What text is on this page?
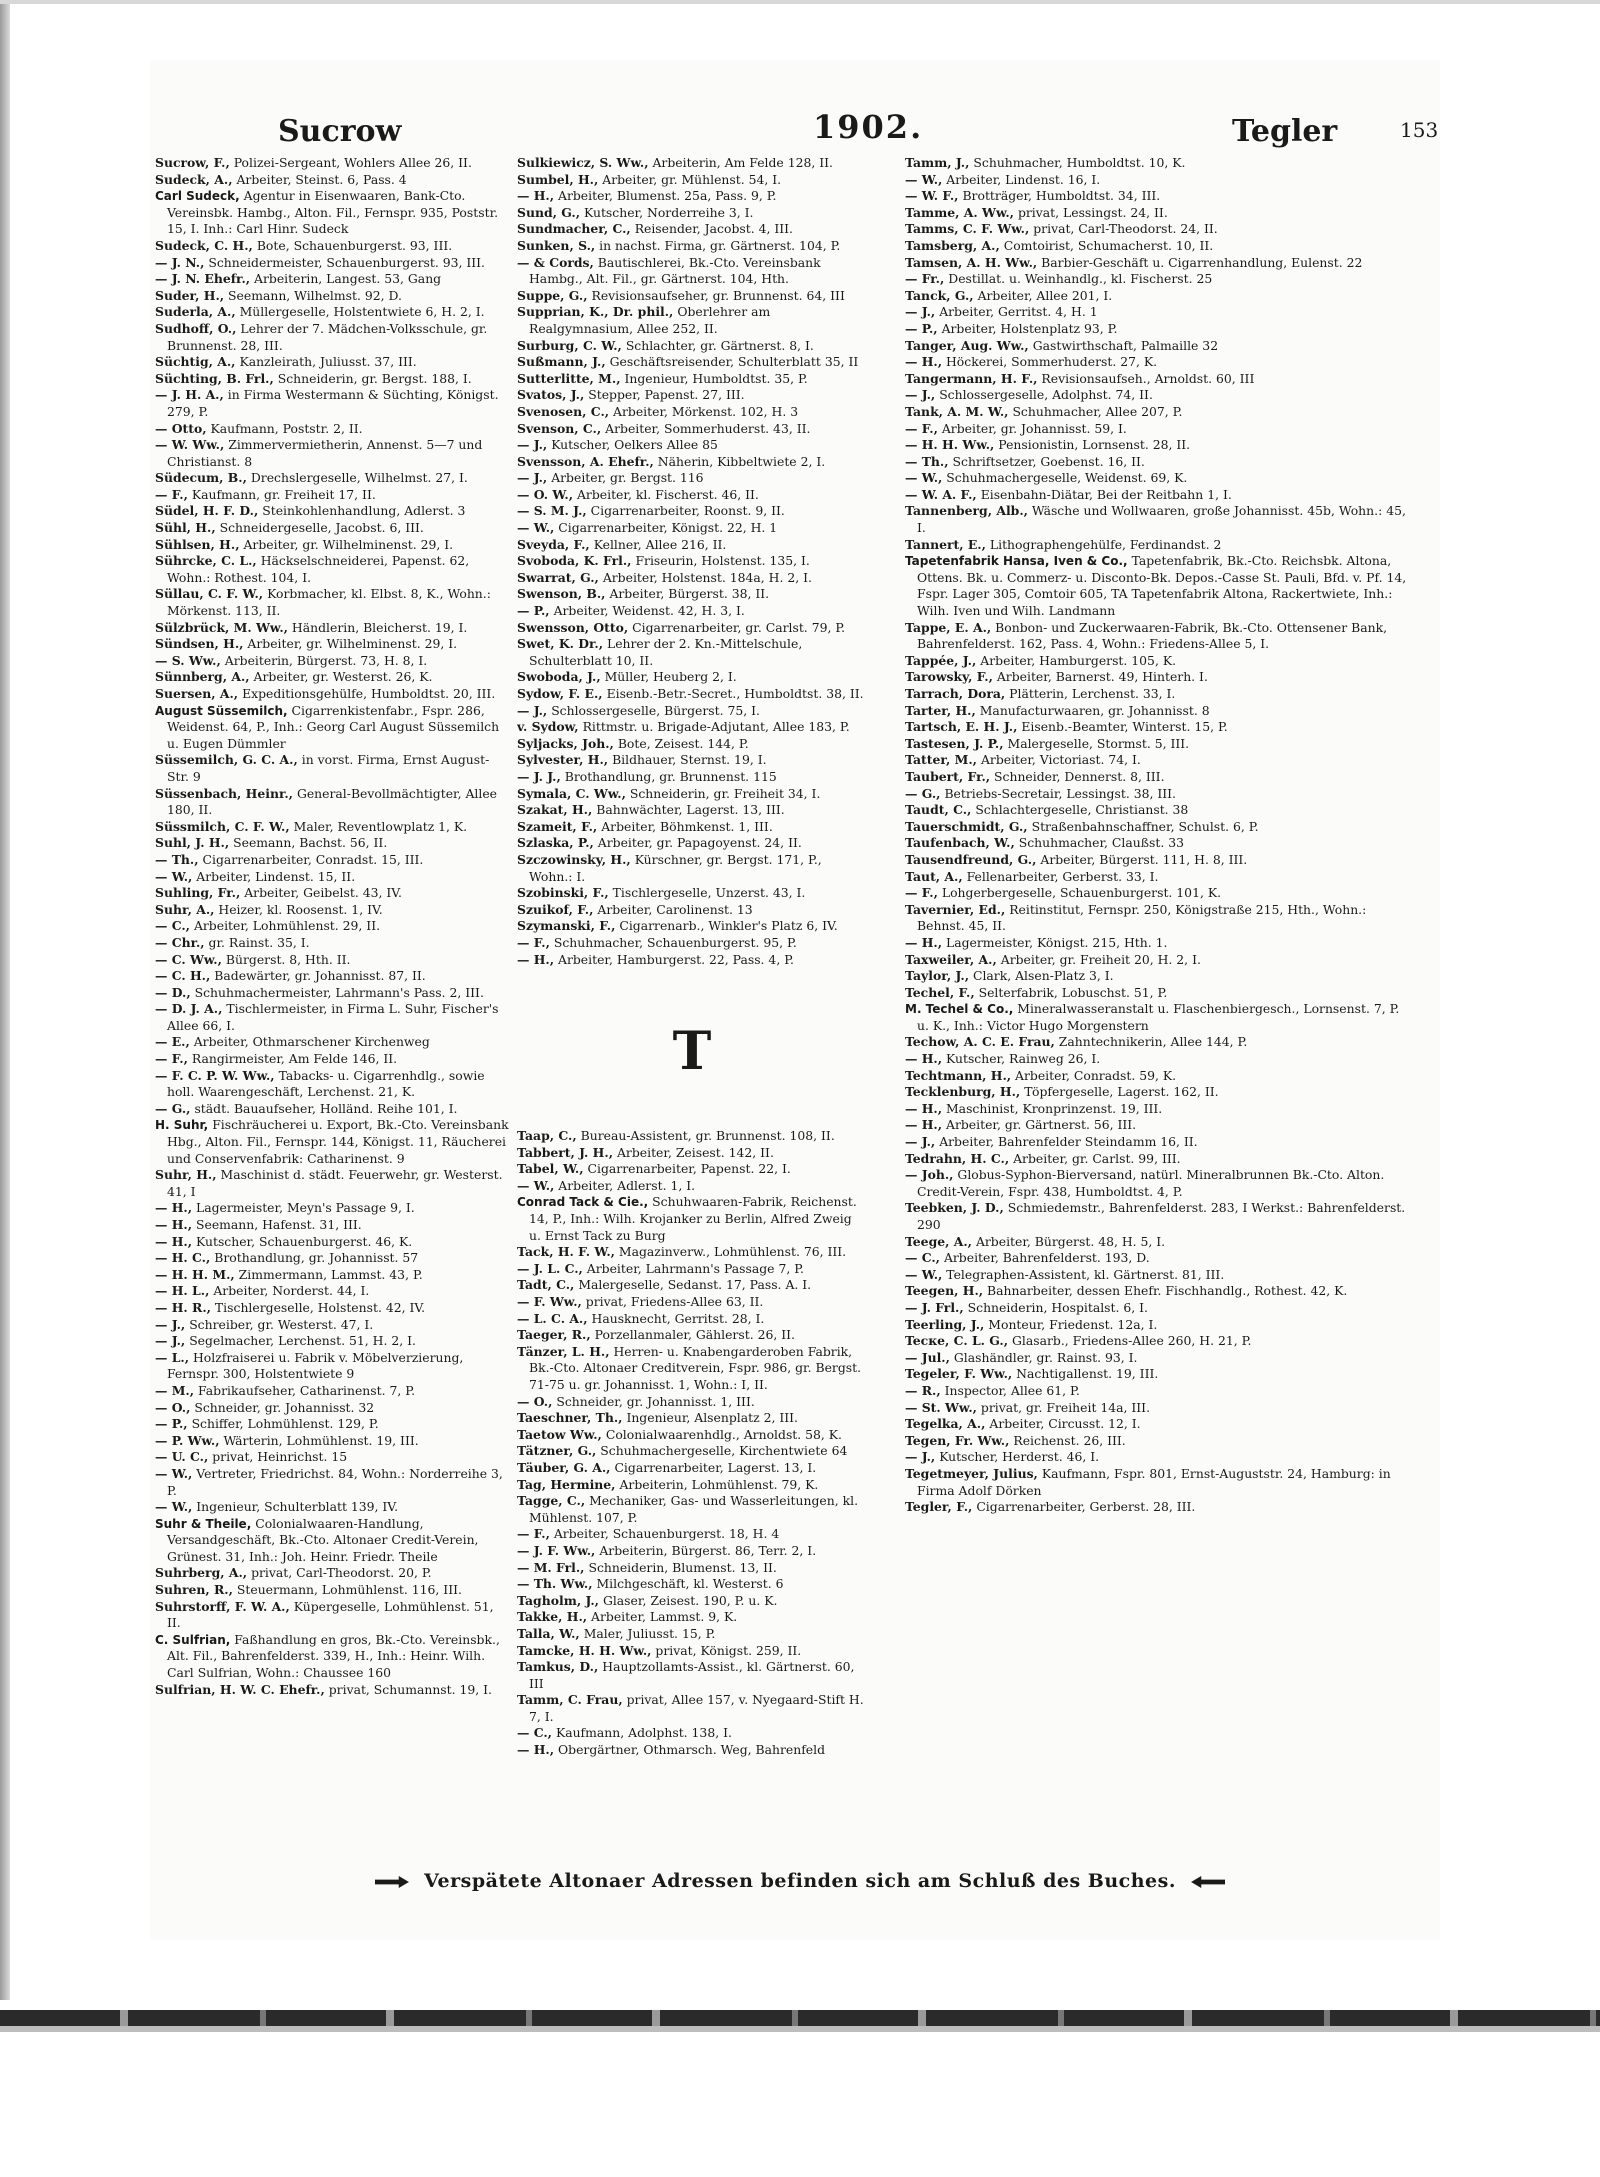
Sucrow	1902.	Tegler	153

Sucrow, F., Polizei-Sergeant, Wohlers Allee 26, II.

Sudeck, A., Arbeiter, Steinst. 6, Pass. 4

Carl Sudeck, Agentur in Eisenwaaren, Bank-Cto. Vereinsbk. Hambg., Alton. Fil., Fernspr. 935, Poststr. 15, I. Inh.: Carl Hinr. Sudeck

Sudeck, C. H., Bote, Schauenburgerst. 93, III.

— J. N., Schneidermeister, Schauenburgerst. 93, III.

— J. N. Ehefr., Arbeiterin, Langest. 53, Gang

Suder, H., Seemann, Wilhelmst. 92, D.

Suderla, A., Müllergeselle, Holstentwiete 6, H. 2, I.

Sudhoff, O., Lehrer der 7. Mädchen-Volksschule, gr. Brunnenst. 28, III.

Süchtig, A., Kanzleirath, Juliusst. 37, III.

Süchting, B. Frl., Schneiderin, gr. Bergst. 188, I.

— J. H. A., in Firma Westermann & Süchting, Königst. 279, P.

— Otto, Kaufmann, Poststr. 2, II.

— W. Ww., Zimmervermietherin, Annenst. 5—7 und Christianst. 8

Südecum, B., Drechslergeselle, Wilhelmst. 27, I.

— F., Kaufmann, gr. Freiheit 17, II.

Südel, H. F. D., Steinkohlenhandlung, Adlerst. 3

Sühl, H., Schneidergeselle, Jacobst. 6, III.

Sühlsen, H., Arbeiter, gr. Wilhelminenst. 29, I.

Sührcke, C. L., Häckselschneiderei, Papenst. 62, Wohn.: Rothest. 104, I.

Süllau, C. F. W., Korbmacher, kl. Elbst. 8, K., Wohn.: Mörkenst. 113, II.

Sülzbrück, M. Ww., Händlerin, Bleicherst. 19, I.

Sündsen, H., Arbeiter, gr. Wilhelminenst. 29, I.

— S. Ww., Arbeiterin, Bürgerst. 73, H. 8, I.

Sünnberg, A., Arbeiter, gr. Westerst. 26, K.

Suersen, A., Expeditionsgehülfe, Humboldtst. 20, III.

August Süssemilch, Cigarrenkistenfabr., Fspr. 286, Weidenst. 64, P., Inh.: Georg Carl August Süssemilch u. Eugen Dümmler

Süssemilch, G. C. A., in vorst. Firma, Ernst August-Str. 9

Süssenbach, Heinr., General-Bevollmächtigter, Allee 180, II.

Süssmilch, C. F. W., Maler, Reventlowplatz 1, K.

Suhl, J. H., Seemann, Bachst. 56, II.

— Th., Cigarrenarbeiter, Conradst. 15, III.

— W., Arbeiter, Lindenst. 15, II.

Suhling, Fr., Arbeiter, Geibelst. 43, IV.

Suhr, A., Heizer, kl. Roosenst. 1, IV.

— C., Arbeiter, Lohmühlenst. 29, II.

— Chr., gr. Rainst. 35, I.

— C. Ww., Bürgerst. 8, Hth. II.

— C. H., Badewärter, gr. Johannisst. 87, II.

— D., Schuhmachermeister, Lahrmann's Pass. 2, III.

— D. J. A., Tischlermeister, in Firma L. Suhr, Fischer's Allee 66, I.

— E., Arbeiter, Othmarschener Kirchenweg

— F., Rangirmeister, Am Felde 146, II.

— F. C. P. W. Ww., Tabacks- u. Cigarrenhdlg., sowie holl. Waarengeschäft, Lerchenst. 21, K.

— G., städt. Bauaufseher, Holländ. Reihe 101, I.

H. Suhr, Fischräucherei u. Export, Bk.-Cto. Vereinsbank Hbg., Alton. Fil., Fernspr. 144, Königst. 11, Räucherei und Conservenfabrik: Catharinenst. 9

Suhr, H., Maschinist d. städt. Feuerwehr, gr. Westerst. 41, I

— H., Lagermeister, Meyn's Passage 9, I.

— H., Seemann, Hafenst. 31, III.

— H., Kutscher, Schauenburgerst. 46, K.

— H. C., Brothandlung, gr. Johannisst. 57

— H. H. M., Zimmermann, Lammst. 43, P.

— H. L., Arbeiter, Norderst. 44, I.

— H. R., Tischlergeselle, Holstenst. 42, IV.

— J., Schreiber, gr. Westerst. 47, I.

— J., Segelmacher, Lerchenst. 51, H. 2, I.

— L., Holzfraiserei u. Fabrik v. Möbelverzierung, Fernspr. 300, Holstentwiete 9

— M., Fabrikaufseher, Catharinenst. 7, P.

— O., Schneider, gr. Johannisst. 32

— P., Schiffer, Lohmühlenst. 129, P.

— P. Ww., Wärterin, Lohmühlenst. 19, III.

— U. C., privat, Heinrichst. 15

— W., Vertreter, Friedrichst. 84, Wohn.: Norderreihe 3, P.

— W., Ingenieur, Schulterblatt 139, IV.

Suhr & Theile, Colonialwaaren-Handlung, Versandgeschäft, Bk.-Cto. Altonaer Credit-Verein, Grünest. 31, Inh.: Joh. Heinr. Friedr. Theile

Suhrberg, A., privat, Carl-Theodorst. 20, P.

Suhren, R., Steuermann, Lohmühlenst. 116, III.

Suhrstorff, F. W. A., Küpergeselle, Lohmühlenst. 51, II.

C. Sulfrian, Faßhandlung en gros, Bk.-Cto. Vereinsbk., Alt. Fil., Bahrenfelderst. 339, H., Inh.: Heinr. Wilh. Carl Sulfrian, Wohn.: Chaussee 160

Sulfrian, H. W. C. Ehefr., privat, Schumannst. 19, I.

Sulkiewicz, S. Ww., Arbeiterin, Am Felde 128, II.

Sumbel, H., Arbeiter, gr. Mühlenst. 54, I.

— H., Arbeiter, Blumenst. 25a, Pass. 9, P.

Sund, G., Kutscher, Norderreihe 3, I.

Sundmacher, C., Reisender, Jacobst. 4, III.

Sunken, S., in nachst. Firma, gr. Gärtnerst. 104, P.

— & Cords, Bautischlerei, Bk.-Cto. Vereinsbank Hambg., Alt. Fil., gr. Gärtnerst. 104, Hth.

Suppe, G., Revisionsaufseher, gr. Brunnenst. 64, III

Supprian, K., Dr. phil., Oberlehrer am Realgymnasium, Allee 252, II.

Surburg, C. W., Schlachter, gr. Gärtnerst. 8, I.

Sußmann, J., Geschäftsreisender, Schulterblatt 35, II

Sutterlitte, M., Ingenieur, Humboldtst. 35, P.

Svatos, J., Stepper, Papenst. 27, III.

Svenosen, C., Arbeiter, Mörkenst. 102, H. 3

Svenson, C., Arbeiter, Sommerhuderst. 43, II.

— J., Kutscher, Oelkers Allee 85

Svensson, A. Ehefr., Näherin, Kibbeltwiete 2, I.

— J., Arbeiter, gr. Bergst. 116

— O. W., Arbeiter, kl. Fischerst. 46, II.

— S. M. J., Cigarrenarbeiter, Roonst. 9, II.

— W., Cigarrenarbeiter, Königst. 22, H. 1

Sveyda, F., Kellner, Allee 216, II.

Svoboda, K. Frl., Friseurin, Holstenst. 135, I.

Swarrat, G., Arbeiter, Holstenst. 184a, H. 2, I.

Swenson, B., Arbeiter, Bürgerst. 38, II.

— P., Arbeiter, Weidenst. 42, H. 3, I.

Swensson, Otto, Cigarrenarbeiter, gr. Carlst. 79, P.

Swet, K. Dr., Lehrer der 2. Kn.-Mittelschule, Schulterblatt 10, II.

Swoboda, J., Müller, Heuberg 2, I.

Sydow, F. E., Eisenb.-Betr.-Secret., Humboldtst. 38, II.

— J., Schlossergeselle, Bürgerst. 75, I.

v. Sydow, Rittmstr. u. Brigade-Adjutant, Allee 183, P.

Syljacks, Joh., Bote, Zeisest. 144, P.

Sylvester, H., Bildhauer, Sternst. 19, I.

— J. J., Brothandlung, gr. Brunnenst. 115

Symala, C. Ww., Schneiderin, gr. Freiheit 34, I.

Szakat, H., Bahnwächter, Lagerst. 13, III.

Szameit, F., Arbeiter, Böhmkenst. 1, III.

Szlaska, P., Arbeiter, gr. Papagoyenst. 24, II.

Szczowinsky, H., Kürschner, gr. Bergst. 171, P., Wohn.: I.

Szobinski, F., Tischlergeselle, Unzerst. 43, I.

Szuikof, F., Arbeiter, Carolinenst. 13

Szymanski, F., Cigarrenarb., Winkler's Platz 6, IV.

— F., Schuhmacher, Schauenburgerst. 95, P.

— H., Arbeiter, Hamburgerst. 22, Pass. 4, P.

T

Taap, C., Bureau-Assistent, gr. Brunnenst. 108, II.

Tabbert, J. H., Arbeiter, Zeisest. 142, II.

Tabel, W., Cigarrenarbeiter, Papenst. 22, I.

— W., Arbeiter, Adlerst. 1, I.

Conrad Tack & Cie., Schuhwaaren-Fabrik, Reichenst. 14, P., Inh.: Wilh. Krojanker zu Berlin, Alfred Zweig u. Ernst Tack zu Burg

Tack, H. F. W., Magazinverw., Lohmühlenst. 76, III.

— J. L. C., Arbeiter, Lahrmann's Passage 7, P.

Tadt, C., Malergeselle, Sedanst. 17, Pass. A. I.

— F. Ww., privat, Friedens-Allee 63, II.

— L. C. A., Hausknecht, Gerritst. 28, I.

Taeger, R., Porzellanmaler, Gählerst. 26, II.

Tänzer, L. H., Herren- u. Knabengarderoben Fabrik, Bk.-Cto. Altonaer Creditverein, Fspr. 986, gr. Bergst. 71-75 u. gr. Johannisst. 1, Wohn.: I, II.

— O., Schneider, gr. Johannisst. 1, III.

Taeschner, Th., Ingenieur, Alsenplatz 2, III.

Taetow Ww., Colonialwaarenhdlg., Arnoldst. 58, K.

Tätzner, G., Schuhmachergeselle, Kirchentwiete 64

Täuber, G. A., Cigarrenarbeiter, Lagerst. 13, I.

Tag, Hermine, Arbeiterin, Lohmühlenst. 79, K.

Tagge, C., Mechaniker, Gas- und Wasserleitungen, kl. Mühlenst. 107, P.

— F., Arbeiter, Schauenburgerst. 18, H. 4

— J. F. Ww., Arbeiterin, Bürgerst. 86, Terr. 2, I.

— M. Frl., Schneiderin, Blumenst. 13, II.

— Th. Ww., Milchgeschäft, kl. Westerst. 6

Tagholm, J., Glaser, Zeisest. 190, P. u. K.

Takke, H., Arbeiter, Lammst. 9, K.

Talla, W., Maler, Juliusst. 15, P.

Tamcke, H. H. Ww., privat, Königst. 259, II.

Tamkus, D., Hauptzollamts-Assist., kl. Gärtnerst. 60, III

Tamm, C. Frau, privat, Allee 157, v. Nyegaard-Stift H. 7, I.

— C., Kaufmann, Adolphst. 138, I.

— H., Obergärtner, Othmarsch. Weg, Bahrenfeld

Tamm, J., Schuhmacher, Humboldtst. 10, K.

— W., Arbeiter, Lindenst. 16, I.

— W. F., Brotträger, Humboldtst. 34, III.

Tamme, A. Ww., privat, Lessingst. 24, II.

Tamms, C. F. Ww., privat, Carl-Theodorst. 24, II.

Tamsberg, A., Comtoirist, Schumacherst. 10, II.

Tamsen, A. H. Ww., Barbier-Geschäft u. Cigarrenhandlung, Eulenst. 22

— Fr., Destillat. u. Weinhandlg., kl. Fischerst. 25

Tanck, G., Arbeiter, Allee 201, I.

— J., Arbeiter, Gerritst. 4, H. 1

— P., Arbeiter, Holstenplatz 93, P.

Tanger, Aug. Ww., Gastwirthschaft, Palmaille 32

— H., Höckerei, Sommerhuderst. 27, K.

Tangermann, H. F., Revisionsaufseh., Arnoldst. 60, III

— J., Schlossergeselle, Adolphst. 74, II.

Tank, A. M. W., Schuhmacher, Allee 207, P.

— F., Arbeiter, gr. Johannisst. 59, I.

— H. H. Ww., Pensionistin, Lornsenst. 28, II.

— Th., Schriftsetzer, Goebenst. 16, II.

— W., Schuhmachergeselle, Weidenst. 69, K.

— W. A. F., Eisenbahn-Diätar, Bei der Reitbahn 1, I.

Tannenberg, Alb., Wäsche und Wollwaaren, große Johannisst. 45b, Wohn.: 45, I.

Tannert, E., Lithographengehülfe, Ferdinandst. 2

Tapetenfabrik Hansa, Iven & Co., Tapetenfabrik, Bk.-Cto. Reichsbk. Altona, Ottens. Bk. u. Commerz- u. Disconto-Bk. Depos.-Casse St. Pauli, Bfd. v. Pf. 14, Fspr. Lager 305, Comtoir 605, TA Tapetenfabrik Altona, Rackertwiete, Inh.: Wilh. Iven und Wilh. Landmann

Tappe, E. A., Bonbon- und Zuckerwaaren-Fabrik, Bk.-Cto. Ottensener Bank, Bahrenfelderst. 162, Pass. 4, Wohn.: Friedens-Allee 5, I.

Tappée, J., Arbeiter, Hamburgerst. 105, K.

Tarowsky, F., Arbeiter, Barnerst. 49, Hinterh. I.

Tarrach, Dora, Plätterin, Lerchenst. 33, I.

Tarter, H., Manufacturwaaren, gr. Johannisst. 8

Tartsch, E. H. J., Eisenb.-Beamter, Winterst. 15, P.

Tastesen, J. P., Malergeselle, Stormst. 5, III.

Tatter, M., Arbeiter, Victoriast. 74, I.

Taubert, Fr., Schneider, Dennerst. 8, III.

— G., Betriebs-Secretair, Lessingst. 38, III.

Taudt, C., Schlachtergeselle, Christianst. 38

Tauerschmidt, G., Straßenbahnschaffner, Schulst. 6, P.

Taufenbach, W., Schuhmacher, Claußst. 33

Tausendfreund, G., Arbeiter, Bürgerst. 111, H. 8, III.

Taut, A., Fellenarbeiter, Gerberst. 33, I.

— F., Lohgerbergeselle, Schauenburgerst. 101, K.

Tavernier, Ed., Reitinstitut, Fernspr. 250, Königstraße 215, Hth., Wohn.: Behnst. 45, II.

— H., Lagermeister, Königst. 215, Hth. 1.

Taxweiler, A., Arbeiter, gr. Freiheit 20, H. 2, I.

Taylor, J., Clark, Alsen-Platz 3, I.

Techel, F., Selterfabrik, Lobuschst. 51, P.

M. Techel & Co., Mineralwasseranstalt u. Flaschenbiergesch., Lornsenst. 7, P. u. K., Inh.: Victor Hugo Morgenstern

Techow, A. C. E. Frau, Zahntechnikerin, Allee 144, P.

— H., Kutscher, Rainweg 26, I.

Techtmann, H., Arbeiter, Conradst. 59, K.

Tecklenburg, H., Töpfergeselle, Lagerst. 162, II.

— H., Maschinist, Kronprinzenst. 19, III.

— H., Arbeiter, gr. Gärtnerst. 56, III.

— J., Arbeiter, Bahrenfelder Steindamm 16, II.

Tedrahn, H. C., Arbeiter, gr. Carlst. 99, III.

— Joh., Globus-Syphon-Bierversand, natürl. Mineralbrunnen Bk.-Cto. Alton. Credit-Verein, Fspr. 438, Humboldtst. 4, P.

Teebken, J. D., Schmiedemstr., Bahrenfelderst. 283, I Werkst.: Bahrenfelderst. 290

Teege, A., Arbeiter, Bürgerst. 48, H. 5, I.

— C., Arbeiter, Bahrenfelderst. 193, D.

— W., Telegraphen-Assistent, kl. Gärtnerst. 81, III.

Teegen, H., Bahnarbeiter, dessen Ehefr. Fischhandlg., Rothest. 42, K.

— J. Frl., Schneiderin, Hospitalst. 6, I.

Teerling, J., Monteur, Friedenst. 12a, I.

Teске, C. L. G., Glasarb., Friedens-Allee 260, H. 21, P.

— Jul., Glashändler, gr. Rainst. 93, I.

Tegeler, F. Ww., Nachtigallenst. 19, III.

— R., Inspector, Allee 61, P.

— St. Ww., privat, gr. Freiheit 14a, III.

Tegelka, A., Arbeiter, Circusst. 12, I.

Tegen, Fr. Ww., Reichenst. 26, III.

— J., Kutscher, Herderst. 46, I.

Tegetmeyer, Julius, Kaufmann, Fspr. 801, Ernst-Auguststr. 24, Hamburg: in Firma Adolf Dörken

Tegler, F., Cigarrenarbeiter, Gerberst. 28, III.

Verspätete Altonaer Adressen befinden sich am Schluß des Buches.
